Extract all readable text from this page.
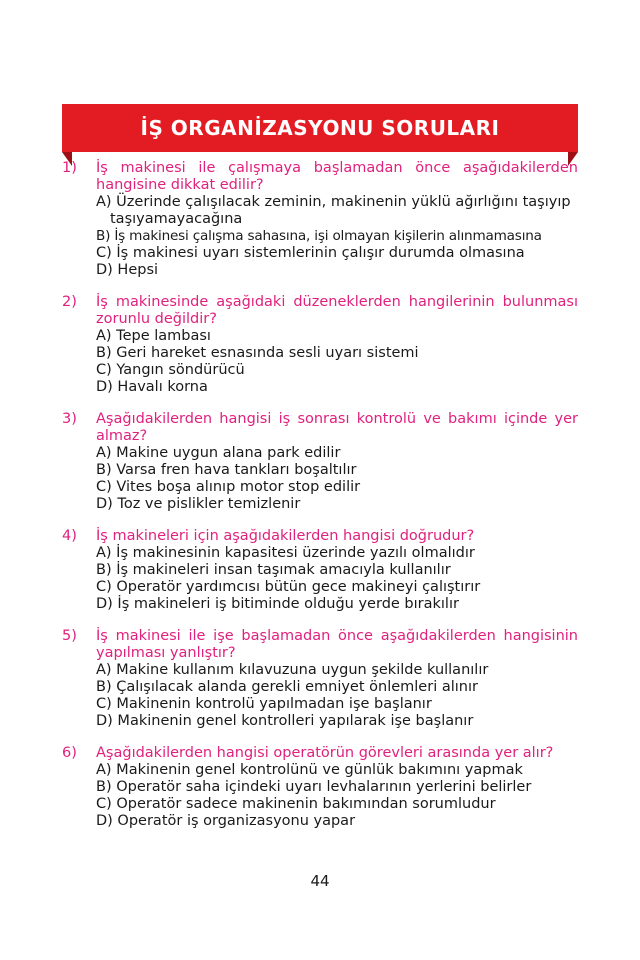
İŞ ORGANİZASYONU SORULARI
1)	İş makinesi ile çalışmaya başlamadan önce aşağıdakilerden hangisine dikkat edilir?
A) Üzerinde çalışılacak zeminin, makinenin yüklü ağırlığını taşıyıp taşıyamayacağına
B) İş makinesi çalışma sahasına, işi olmayan kişilerin alınmamasına
C) İş makinesi uyarı sistemlerinin çalışır durumda olmasına
D) Hepsi
2)	İş makinesinde aşağıdaki düzeneklerden hangilerinin bulunması zorunlu değildir?
A) Tepe lambası
B) Geri hareket esnasında sesli uyarı sistemi
C) Yangın söndürücü
D) Havalı korna
3)	Aşağıdakilerden hangisi iş sonrası kontrolü ve bakımı içinde yer almaz?
A) Makine uygun alana park edilir
B) Varsa fren hava tankları boşaltılır
C) Vites boşa alınıp motor stop edilir
D) Toz ve pislikler temizlenir
4)	İş makineleri için aşağıdakilerden hangisi doğrudur?
A) İş makinesinin kapasitesi üzerinde yazılı olmalıdır
B) İş makineleri insan taşımak amacıyla kullanılır
C) Operatör yardımcısı bütün gece makineyi çalıştırır
D) İş makineleri iş bitiminde olduğu yerde bırakılır
5)	İş makinesi ile işe başlamadan önce aşağıdakilerden hangisinin yapılması yanlıştır?
A) Makine kullanım kılavuzuna uygun şekilde kullanılır
B) Çalışılacak alanda gerekli emniyet önlemleri alınır
C) Makinenin kontrolü yapılmadan işe başlanır
D) Makinenin genel kontrolleri yapılarak işe başlanır
6)	Aşağıdakilerden hangisi operatörün görevleri arasında yer alır?
A) Makinenin genel kontrolünü ve günlük bakımını yapmak
B) Operatör saha içindeki uyarı levhalarının yerlerini belirler
C) Operatör sadece makinenin bakımından sorumludur
D) Operatör iş organizasyonu yapar
44
